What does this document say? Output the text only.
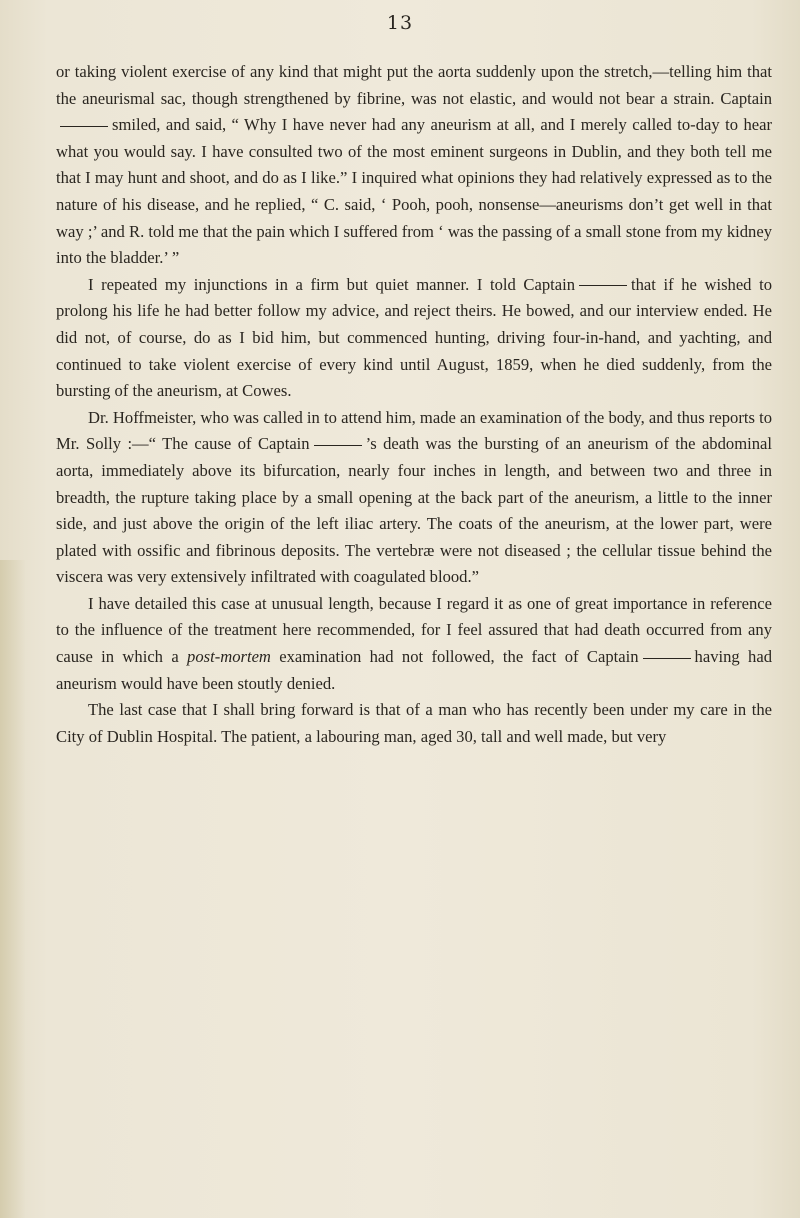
13

or taking violent exercise of any kind that might put the aorta suddenly upon the stretch,—telling him that the aneurismal sac, though strengthened by fibrine, was not elastic, and would not bear a strain. Captainsmiled, and said, “ Why I have never had any aneurism at all, and I merely called to-day to hear what you would say. I have consulted two of the most eminent surgeons in Dublin, and they both tell me that I may hunt and shoot, and do as I like.” I inquired what opinions they had relatively expressed as to the nature of his disease, and he replied, “ C. said, ‘ Pooh, pooh, nonsense—aneurisms don’t get well in that way ;’ and R. told me that the pain which I suffered from ‘ was the passing of a small stone from my kidney into the bladder.’ ”

I repeated my injunctions in a firm but quiet manner. I told Captain	that if he wished to prolong his life he had better follow my advice, and reject theirs. He bowed, and our interview ended. He did not, of course, do as I bid him, but commenced hunting, driving four-in-hand, and yachting, and continued to take violent exercise of every kind until August, 1859, when he died suddenly, from the bursting of the aneurism, at Cowes.

Dr. Hoffmeister, who was called in to attend him, made an examination of the body, and thus reports to Mr. Solly :—“ The cause of Captain	’s death was the bursting of an aneurism of the abdominal aorta, immediately above its bifurcation, nearly four inches in length, and between two and three in breadth, the rupture taking place by a small opening at the back part of the aneurism, a little to the inner side, and just above the origin of the left iliac artery. The coats of the aneurism, at the lower part, were plated with ossific and fibrinous deposits. The vertebræ were not diseased ; the cellular tissue behind the viscera was very extensively infiltrated with coagulated blood.”

I have detailed this case at unusual length, because I regard it as one of great importance in reference to the influence of the treatment here recommended, for I feel assured that had death occurred from any cause in which a post-mortem examination had not followed, the fact of Captain	having had aneurism would have been stoutly denied.

The last case that I shall bring forward is that of a man who has recently been under my care in the City of Dublin Hospital. The patient, a labouring man, aged 30, tall and well made, but very
